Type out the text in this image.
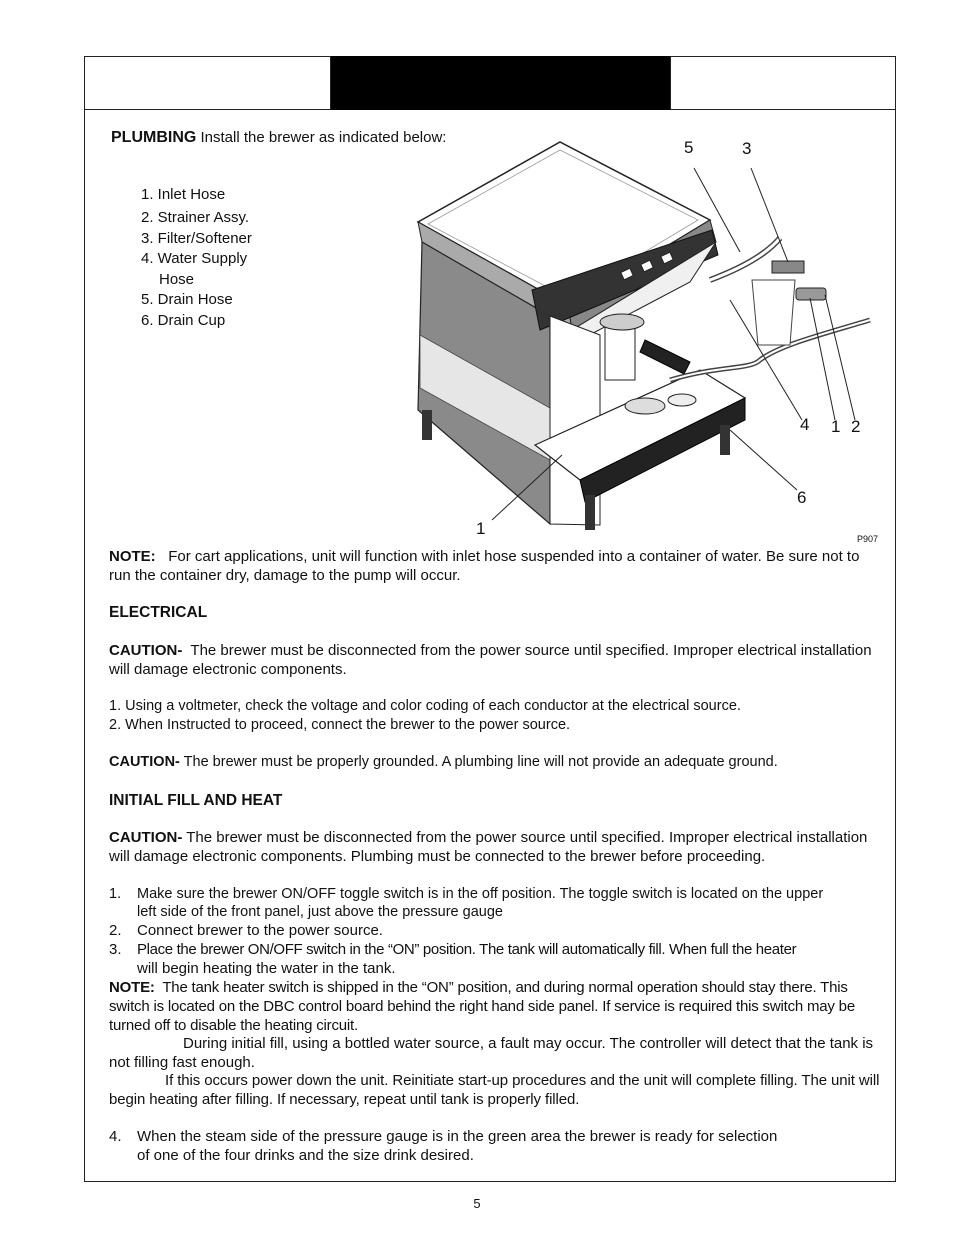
PLUMBING Install the brewer as indicated below:
1. Inlet Hose
2. Strainer Assy.
3. Filter/Softener
4. Water Supply
Hose
5. Drain Hose
6. Drain Cup
5	3
4 1 2
6
1
P907
NOTE: For cart applications, unit will function with inlet hose suspended into a container of water. Be sure not to run the container dry, damage to the pump will occur.
ELECTRICAL
CAUTION- The brewer must be disconnected from the power source until specified. Improper electrical installation will damage electronic components.
1. Using a voltmeter, check the voltage and color coding of each conductor at the electrical source.
2. When Instructed to proceed, connect the brewer to the power source.
CAUTION- The brewer must be properly grounded. A plumbing line will not provide an adequate ground.
INITIAL FILL AND HEAT
CAUTION- The brewer must be disconnected from the power source until specified. Improper electrical installation will damage electronic components. Plumbing must be connected to the brewer before proceeding.
1. Make sure the brewer ON/OFF toggle switch is in the off position. The toggle switch is located on the upper
left side of the front panel, just above the pressure gauge
2. Connect brewer to the power source.
3. Place the brewer ON/OFF switch in the “ON” position. The tank will automatically fill. When full the heater
will begin heating the water in the tank.
NOTE: The tank heater switch is shipped in the “ON” position, and during normal operation should stay there. This switch is located on the DBC control board behind the right hand side panel. If service is required this switch may be turned off to disable the heating circuit.
During initial fill, using a bottled water source, a fault may occur. The controller will detect that the tank is not filling fast enough.
If this occurs power down the unit. Reinitiate start-up procedures and the unit will complete filling. The unit will begin heating after filling. If necessary, repeat until tank is properly filled.
4. When the steam side of the pressure gauge is in the green area the brewer is ready for selection
of one of the four drinks and the size drink desired.
5
